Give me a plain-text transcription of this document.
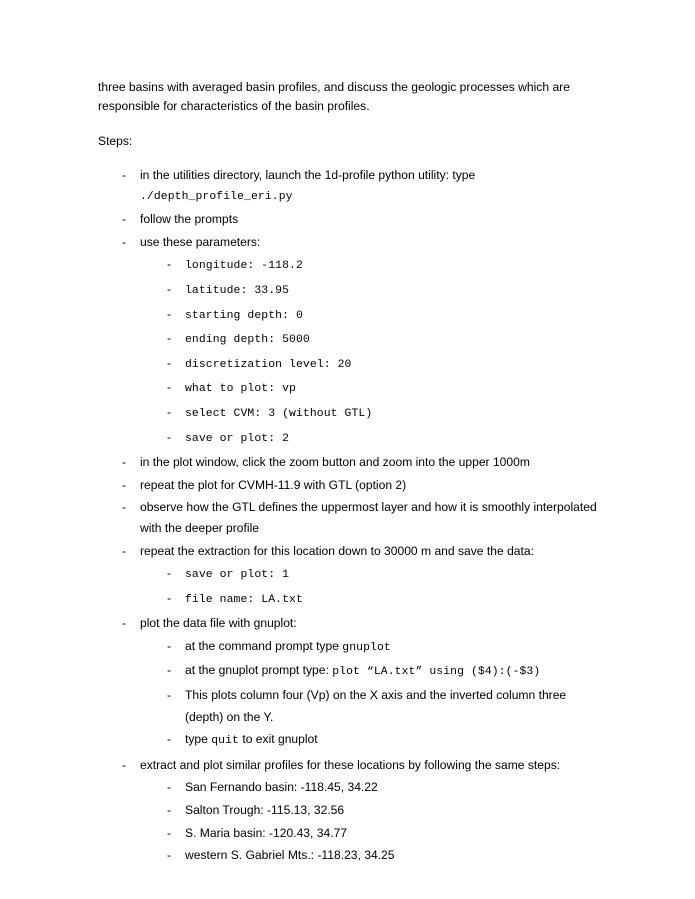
three basins with averaged basin profiles, and discuss the geologic processes which are responsible for characteristics of the basin profiles.

Steps:

- in the utilities directory, launch the 1d-profile python utility: type
./depth_profile_eri.py
- follow the prompts
- use these parameters:
- longitude: -118.2
- latitude: 33.95
- starting depth: 0
- ending depth: 5000
- discretization level: 20
- what to plot: vp
- select CVM: 3 (without GTL)
- save or plot: 2
- in the plot window, click the zoom button and zoom into the upper 1000m
- repeat the plot for CVMH-11.9 with GTL (option 2)
- observe how the GTL defines the uppermost layer and how it is smoothly interpolated with the deeper profile
- repeat the extraction for this location down to 30000 m and save the data:
- save or plot: 1
- file name: LA.txt
- plot the data file with gnuplot:
- at the command prompt type gnuplot
- at the gnuplot prompt type: plot “LA.txt” using ($4):(-$3)
- This plots column four (Vp) on the X axis and the inverted column three (depth) on the Y.
- type quit to exit gnuplot
- extract and plot similar profiles for these locations by following the same steps:
- San Fernando basin: -118.45, 34.22
- Salton Trough: -115.13, 32.56
- S. Maria basin: -120.43, 34.77
- western S. Gabriel Mts.: -118.23, 34.25
